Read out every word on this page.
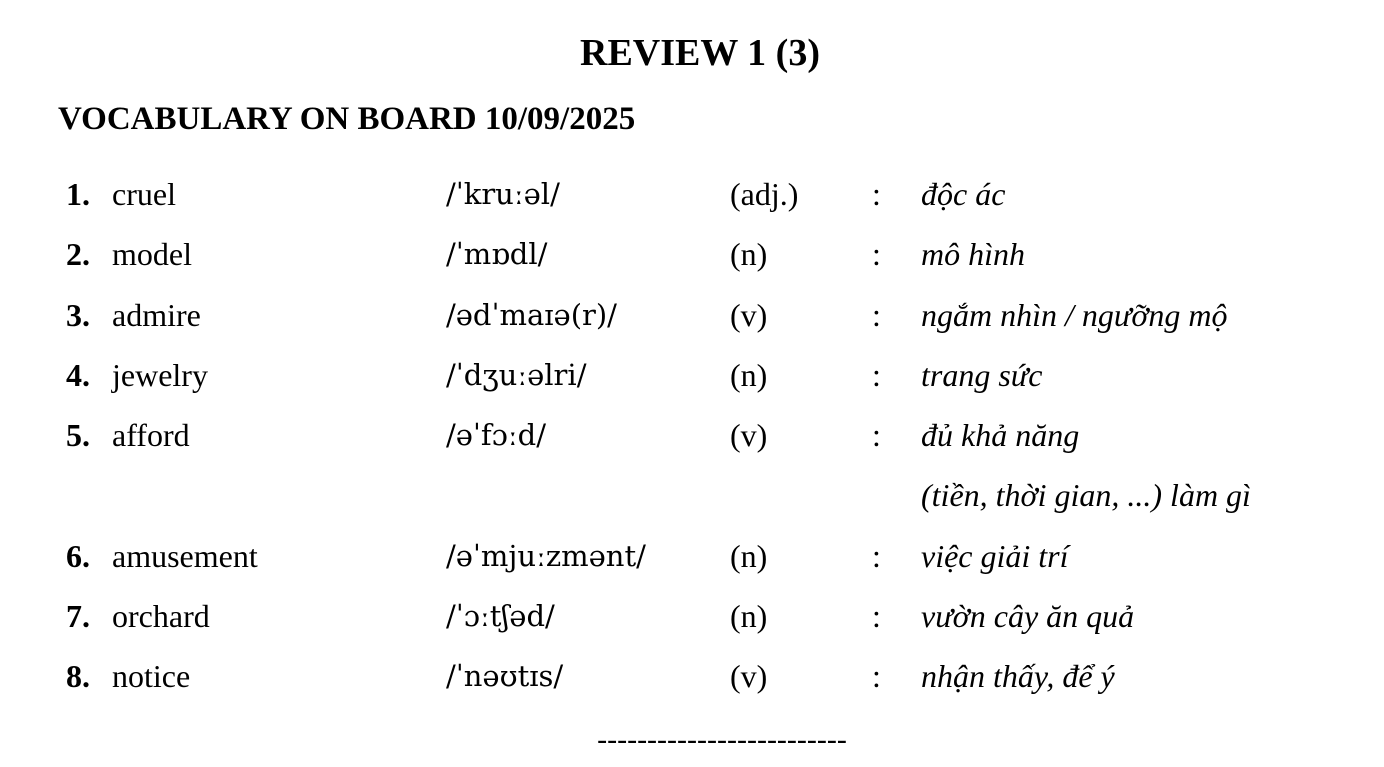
REVIEW 1 (3)
VOCABULARY ON BOARD 10/09/2025
1. cruel	/ˈkruːəl/	(adj.) : độc ác
2. model	/ˈmɒdl/	(n)	: mô hình
3. admire	/ədˈmaɪə(r)/	(v)	: ngắm nhìn / ngưỡng mộ
4. jewelry	/ˈdʒuːəlri/	(n)	: trang sức
5. afford	/əˈfɔːd/	(v)	: đủ khả năng
(tiền, thời gian, ...) làm gì
6. amusement	/əˈmjuːzmənt/	(n)	: việc giải trí
7. orchard	/ˈɔːtʃəd/	(n)	: vườn cây ăn quả
8. notice	/ˈnəʊtɪs/	(v)	: nhận thấy, để ý
-------------------------
